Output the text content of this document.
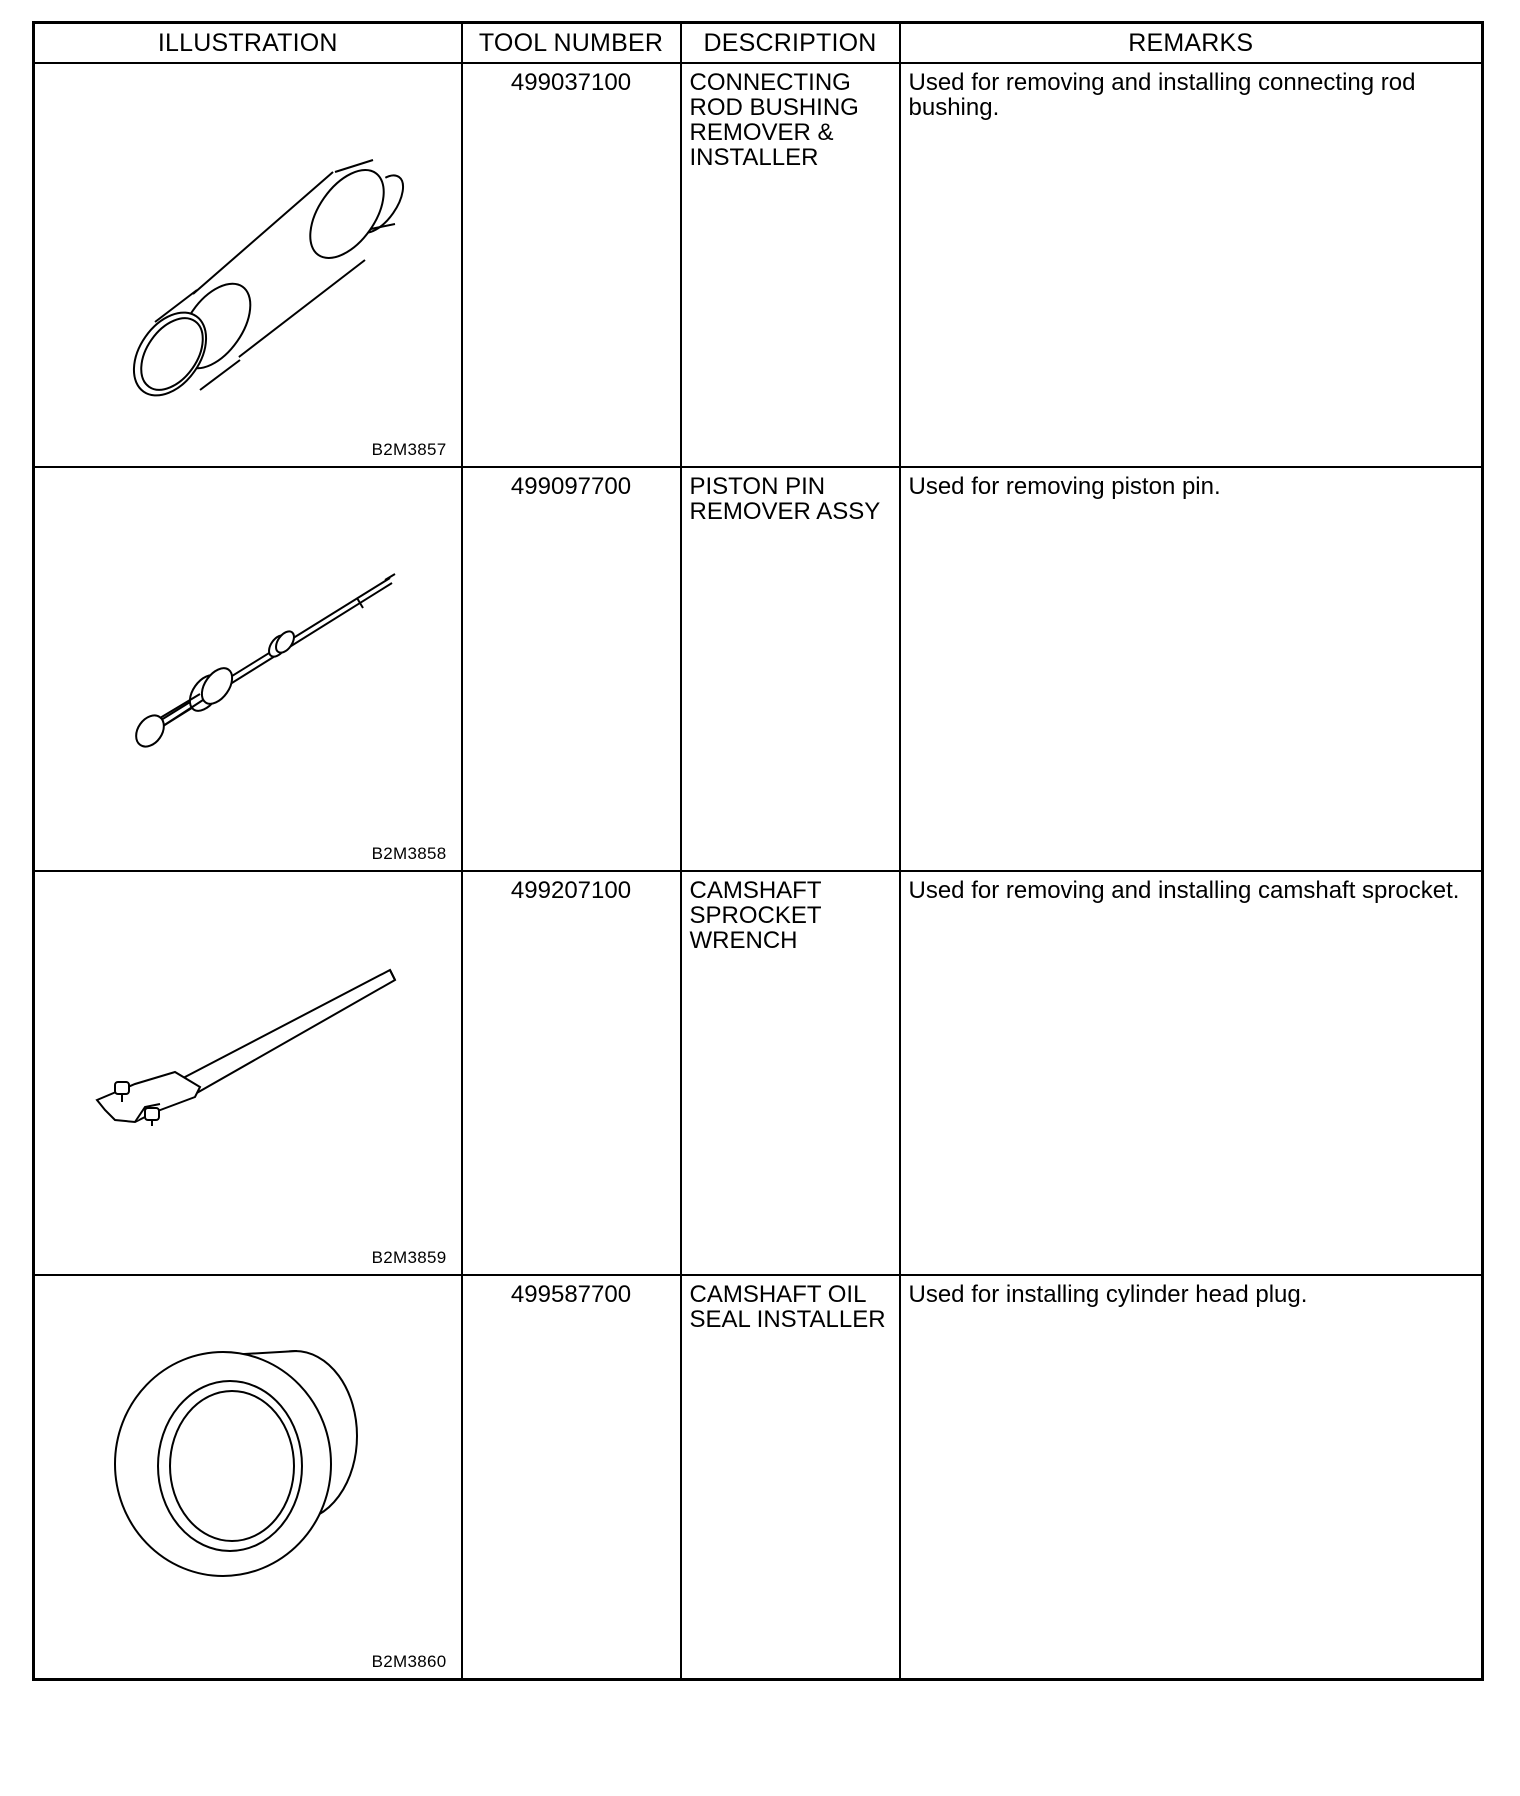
ILLUSTRATION	TOOL NUMBER	DESCRIPTION	REMARKS

B2M3857	499037100	CONNECTING ROD BUSHING REMOVER & INSTALLER	Used for removing and installing connecting rod bushing.

B2M3858	499097700	PISTON PIN REMOVER ASSY	Used for removing piston pin.

B2M3859	499207100	CAMSHAFT SPROCKET WRENCH	Used for removing and installing camshaft sprocket.

B2M3860	499587700	CAMSHAFT OIL SEAL INSTALLER	Used for installing cylinder head plug.
